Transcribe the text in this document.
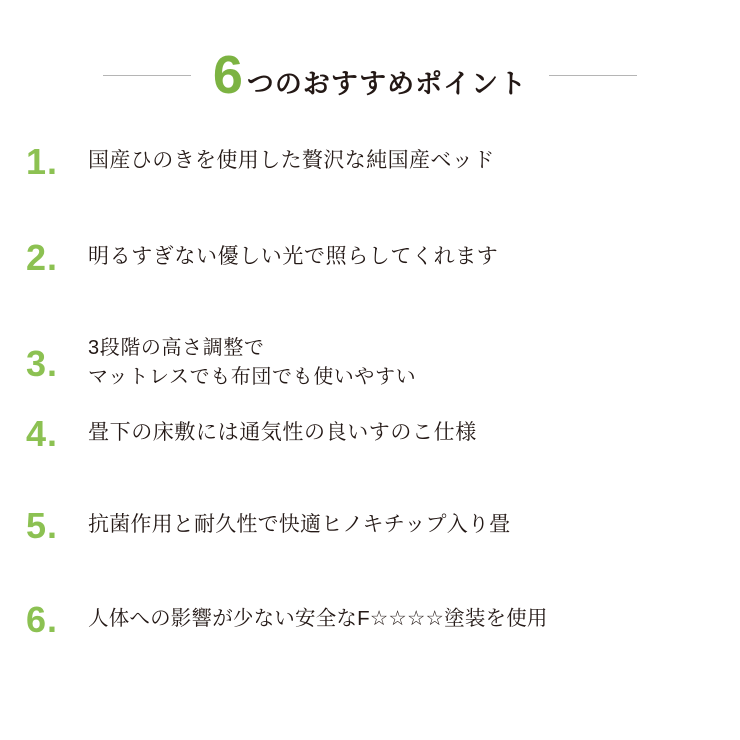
6 つのおすすめポイント
1.	国産ひのきを使用した贅沢な純国産ベッド
2.	明るすぎない優しい光で照らしてくれます
3.	3段階の高さ調整で
マットレスでも布団でも使いやすい
4.	畳下の床敷には通気性の良いすのこ仕様
5.	抗菌作用と耐久性で快適ヒノキチップ入り畳
6.	人体への影響が少ない安全なF☆☆☆☆塗装を使用
